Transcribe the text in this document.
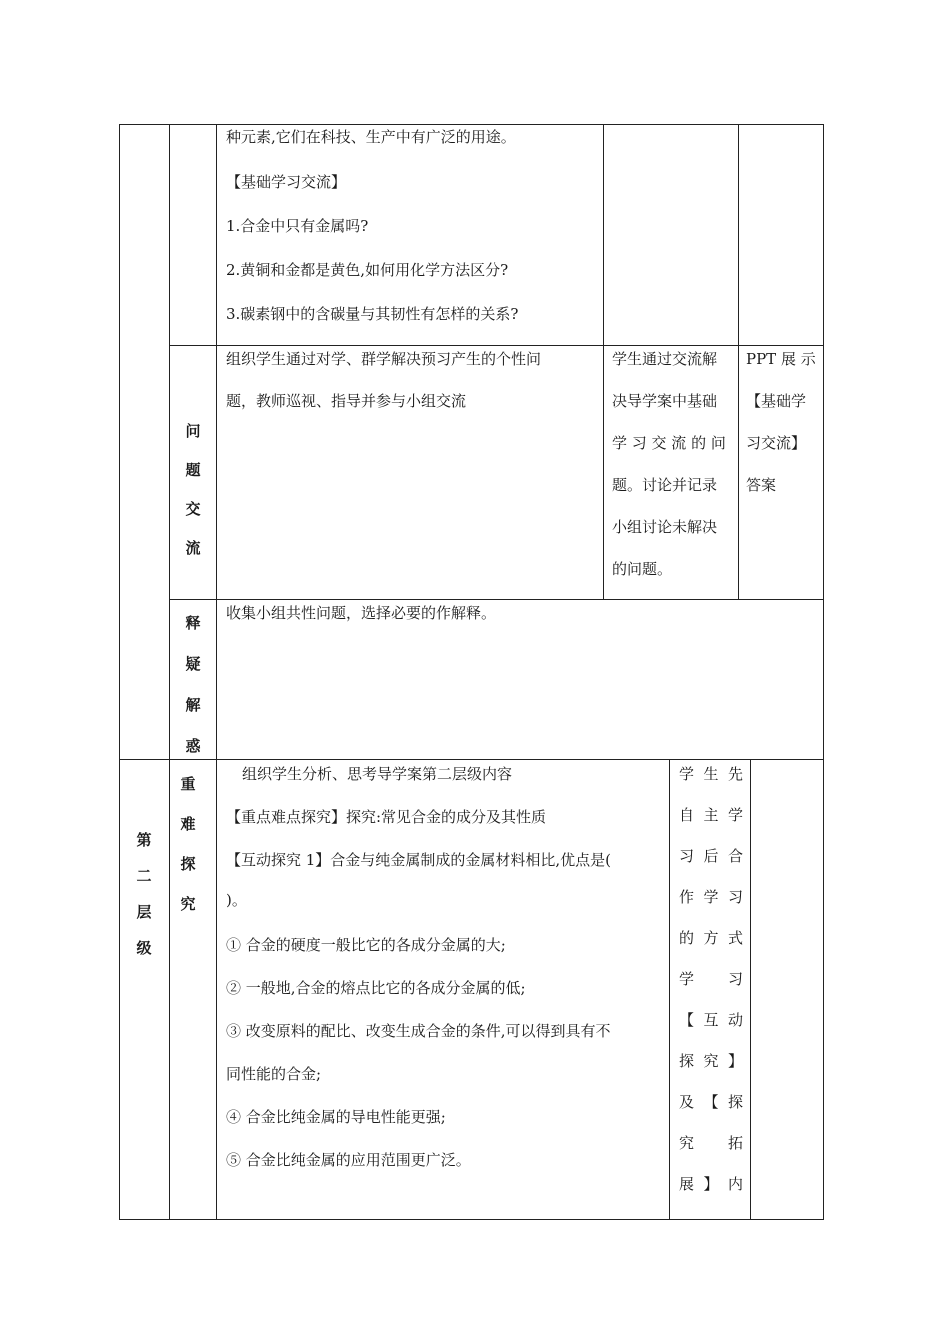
种元素,它们在科技、生产中有广泛的用途。
【基础学习交流】
1.合金中只有金属吗?
2.黄铜和金都是黄色,如何用化学方法区分?
3.碳素钢中的含碳量与其韧性有怎样的关系?
问
题
交
流
组织学生通过对学、群学解决预习产生的个性问
题，教师巡视、指导并参与小组交流
学生通过交流解
决导学案中基础
学 习 交 流 的 问
题。讨论并记录
小组讨论未解决
的问题。
PPT 展 示
【基础学
习交流】
答案
释
疑
解
惑
收集小组共性问题，选择必要的作解释。
第
二
层
级
重
难
探
究
组织学生分析、思考导学案第二层级内容
【重点难点探究】探究:常见合金的成分及其性质
【互动探究 1】合金与纯金属制成的金属材料相比,优点是(
)。
① 合金的硬度一般比它的各成分金属的大;
② 一般地,合金的熔点比它的各成分金属的低;
③ 改变原料的配比、改变生成合金的条件,可以得到具有不
同性能的合金;
④ 合金比纯金属的导电性能更强;
⑤ 合金比纯金属的应用范围更广泛。
学 生 先
自 主 学
习 后 合
作 学 习
的 方 式
学 习
【 互 动
探 究 】
及 【 探
究 拓
展 】 内
